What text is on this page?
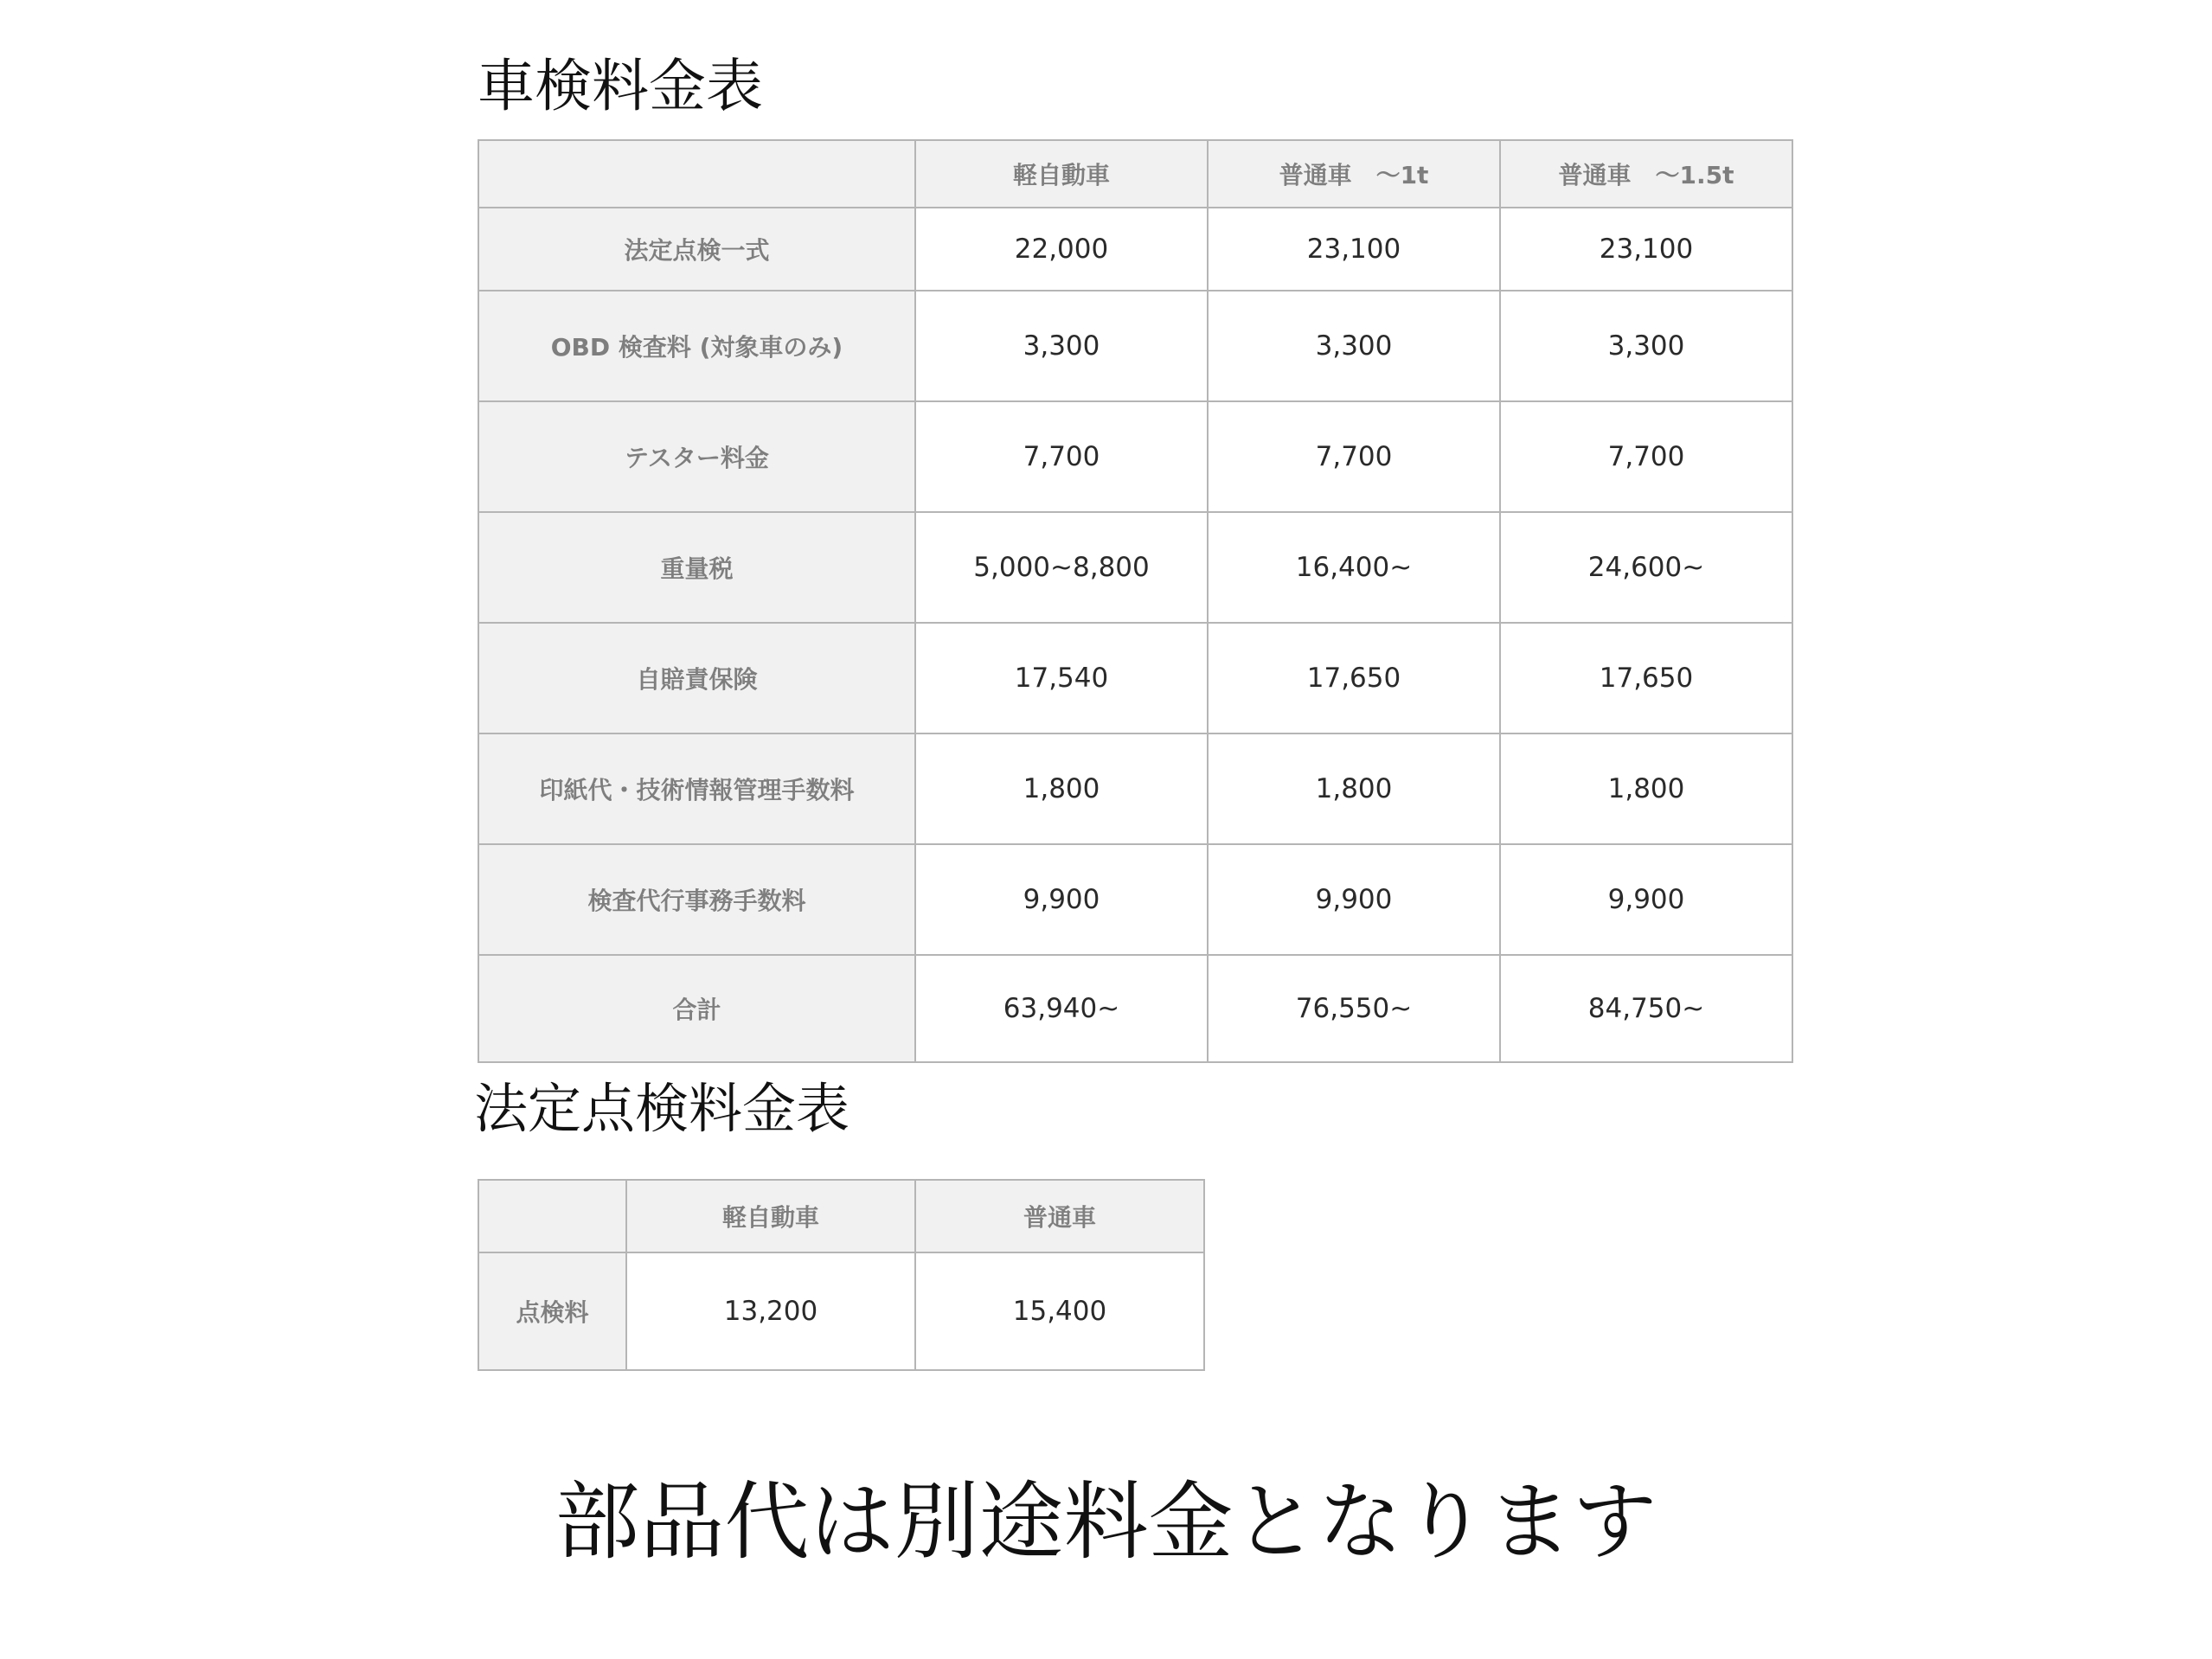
車検料金表
	軽自動車	普通車　～1t	普通車　～1.5t
法定点検一式	22,000	23,100	23,100
OBD 検査料 (対象車のみ)	3,300	3,300	3,300
テスター料金	7,700	7,700	7,700
重量税	5,000~8,800	16,400~	24,600~
自賠責保険	17,540	17,650	17,650
印紙代・技術情報管理手数料	1,800	1,800	1,800
検査代行事務手数料	9,900	9,900	9,900
合計	63,940~	76,550~	84,750~
法定点検料金表
	軽自動車	普通車
点検料	13,200	15,400
部品代は別途料金となります
